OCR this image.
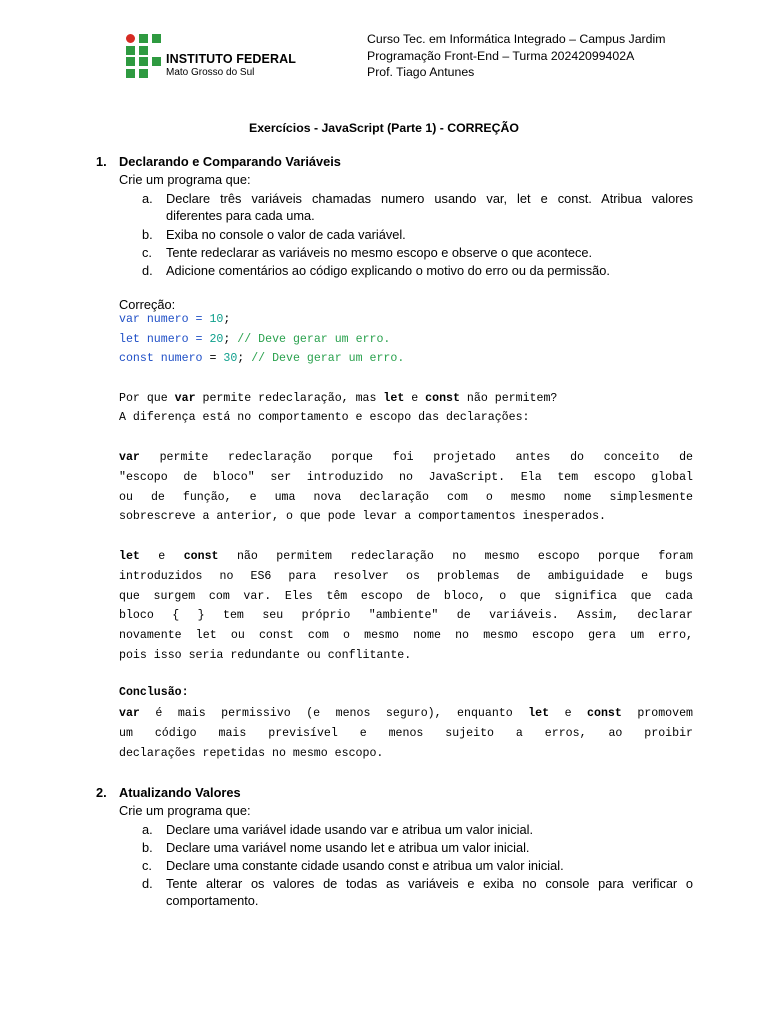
INSTITUTO FEDERAL
Mato Grosso do Sul
Curso Tec. em Informática Integrado – Campus Jardim
Programação Front-End – Turma 20242099402A
Prof. Tiago Antunes
Exercícios - JavaScript (Parte 1) - CORREÇÃO
1. Declarando e Comparando Variáveis
Crie um programa que:
a. Declare três variáveis chamadas numero usando var, let e const. Atribua valores
diferentes para cada uma.
b. Exiba no console o valor de cada variável.
c. Tente redeclarar as variáveis no mesmo escopo e observe o que acontece.
d. Adicione comentários ao código explicando o motivo do erro ou da permissão.
Correção:
var numero = 10;
let numero = 20; // Deve gerar um erro.
const numero = 30; // Deve gerar um erro.
Por que var permite redeclaração, mas let e const não permitem?
A diferença está no comportamento e escopo das declarações:
var permite redeclaração porque foi projetado antes do conceito de
"escopo de bloco" ser introduzido no JavaScript. Ela tem escopo global
ou de função, e uma nova declaração com o mesmo nome simplesmente
sobrescreve a anterior, o que pode levar a comportamentos inesperados.
let e const não permitem redeclaração no mesmo escopo porque foram
introduzidos no ES6 para resolver os problemas de ambiguidade e bugs
que surgem com var. Eles têm escopo de bloco, o que significa que cada
bloco { } tem seu próprio "ambiente" de variáveis. Assim, declarar
novamente let ou const com o mesmo nome no mesmo escopo gera um erro,
pois isso seria redundante ou conflitante.
Conclusão:
var é mais permissivo (e menos seguro), enquanto let e const promovem
um código mais previsível e menos sujeito a erros, ao proibir
declarações repetidas no mesmo escopo.
2. Atualizando Valores
Crie um programa que:
a. Declare uma variável idade usando var e atribua um valor inicial.
b. Declare uma variável nome usando let e atribua um valor inicial.
c. Declare uma constante cidade usando const e atribua um valor inicial.
d. Tente alterar os valores de todas as variáveis e exiba no console para verificar o
comportamento.
